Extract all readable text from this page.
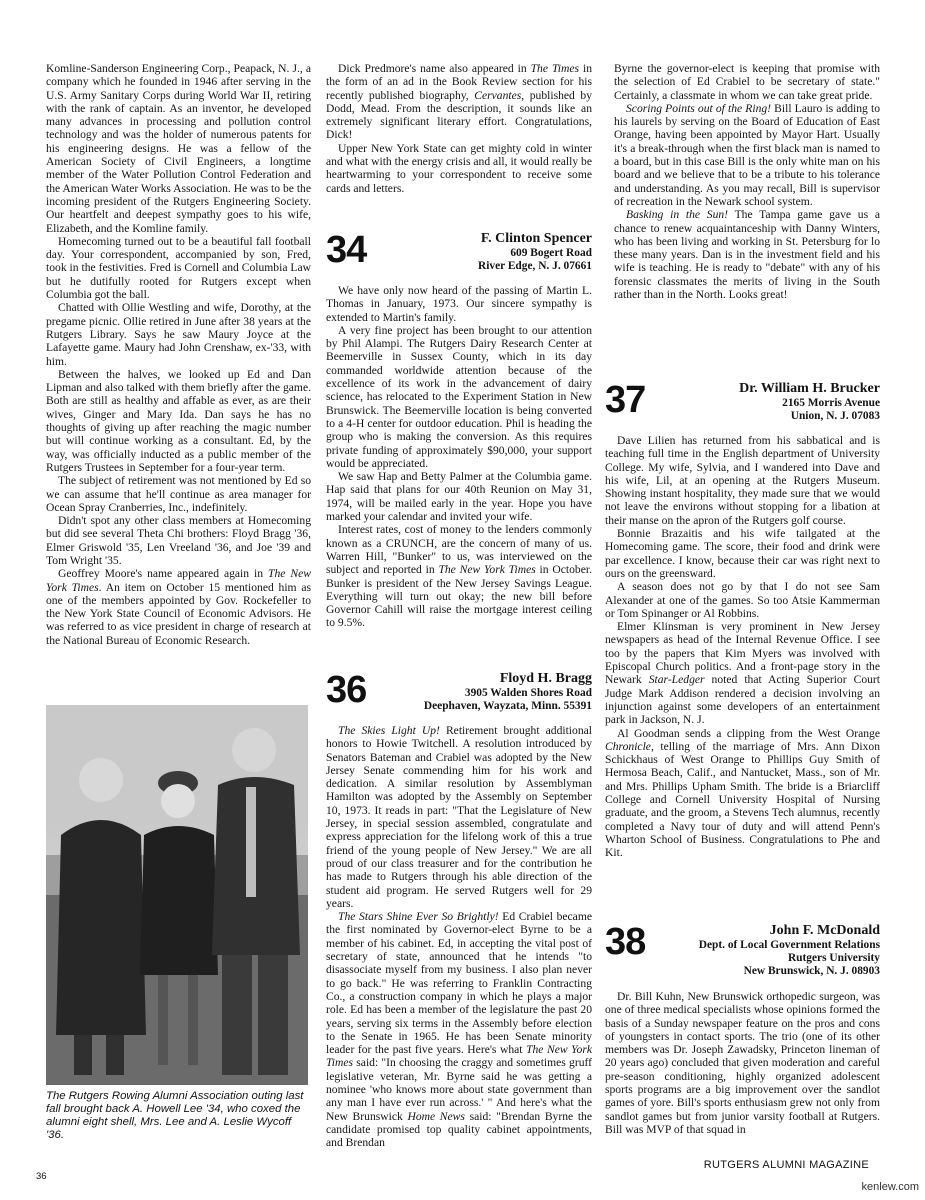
Komline-Sanderson Engineering Corp., Peapack, N. J., a company which he founded in 1946 after serving in the U.S. Army Sanitary Corps during World War II, retiring with the rank of captain. As an inventor, he developed many advances in processing and pollution control technology and was the holder of numerous patents for his engineering designs. He was a fellow of the American Society of Civil Engineers, a longtime member of the Water Pollution Control Federation and the American Water Works Association. He was to be the incoming president of the Rutgers Engineering Society. Our heartfelt and deepest sympathy goes to his wife, Elizabeth, and the Komline family.

Homecoming turned out to be a beautiful fall football day. Your correspondent, accompanied by son, Fred, took in the festivities. Fred is Cornell and Columbia Law but he dutifully rooted for Rutgers except when Columbia got the ball.

Chatted with Ollie Westling and wife, Dorothy, at the pregame picnic. Ollie retired in June after 38 years at the Rutgers Library. Says he saw Maury Joyce at the Lafayette game. Maury had John Crenshaw, ex-'33, with him.

Between the halves, we looked up Ed and Dan Lipman and also talked with them briefly after the game. Both are still as healthy and affable as ever, as are their wives, Ginger and Mary Ida. Dan says he has no thoughts of giving up after reaching the magic number but will continue working as a consultant. Ed, by the way, was officially inducted as a public member of the Rutgers Trustees in September for a four-year term.

The subject of retirement was not mentioned by Ed so we can assume that he'll continue as area manager for Ocean Spray Cranberries, Inc., indefinitely.

Didn't spot any other class members at Homecoming but did see several Theta Chi brothers: Floyd Bragg '36, Elmer Griswold '35, Len Vreeland '36, and Joe '39 and Tom Wright '35.

Geoffrey Moore's name appeared again in The New York Times. An item on October 15 mentioned him as one of the members appointed by Gov. Rockefeller to the New York State Council of Economic Advisors. He was referred to as vice president in charge of research at the National Bureau of Economic Research.

The Rutgers Rowing Alumni Association outing last fall brought back A. Howell Lee '34, who coxed the alumni eight shell, Mrs. Lee and A. Leslie Wycoff '36.

Dick Predmore's name also appeared in The Times in the form of an ad in the Book Review section for his recently published biography, Cervantes, published by Dodd, Mead. From the description, it sounds like an extremely significant literary effort. Congratulations, Dick!

Upper New York State can get mighty cold in winter and what with the energy crisis and all, it would really be heartwarming to your correspondent to receive some cards and letters.

34	F. Clinton Spencer
609 Bogert Road
River Edge, N. J. 07661

We have only now heard of the passing of Martin L. Thomas in January, 1973. Our sincere sympathy is extended to Martin's family.

A very fine project has been brought to our attention by Phil Alampi. The Rutgers Dairy Research Center at Beemerville in Sussex County, which in its day commanded worldwide attention because of the excellence of its work in the advancement of dairy science, has relocated to the Experiment Station in New Brunswick. The Beemerville location is being converted to a 4-H center for outdoor education. Phil is heading the group who is making the conversion. As this requires private funding of approximately $90,000, your support would be appreciated.

We saw Hap and Betty Palmer at the Columbia game. Hap said that plans for our 40th Reunion on May 31, 1974, will be mailed early in the year. Hope you have marked your calendar and invited your wife.

Interest rates, cost of money to the lenders commonly known as a CRUNCH, are the concern of many of us. Warren Hill, "Bunker" to us, was interviewed on the subject and reported in The New York Times in October. Bunker is president of the New Jersey Savings League. Everything will turn out okay; the new bill before Governor Cahill will raise the mortgage interest ceiling to 9.5%.

36	Floyd H. Bragg
3905 Walden Shores Road
Deephaven, Wayzata, Minn. 55391

The Skies Light Up! Retirement brought additional honors to Howie Twitchell. A resolution introduced by Senators Bateman and Crabiel was adopted by the New Jersey Senate commending him for his work and dedication. A similar resolution by Assemblyman Hamilton was adopted by the Assembly on September 10, 1973. It reads in part: "That the Legislature of New Jersey, in special session assembled, congratulate and express appreciation for the lifelong work of this a true friend of the young people of New Jersey." We are all proud of our class treasurer and for the contribution he has made to Rutgers through his able direction of the student aid program. He served Rutgers well for 29 years.

The Stars Shine Ever So Brightly! Ed Crabiel became the first nominated by Governor-elect Byrne to be a member of his cabinet. Ed, in accepting the vital post of secretary of state, announced that he intends "to disassociate myself from my business. I also plan never to go back." He was referring to Franklin Contracting Co., a construction company in which he plays a major role. Ed has been a member of the legislature the past 20 years, serving six terms in the Assembly before election to the Senate in 1965. He has been Senate minority leader for the past five years. Here's what The New York Times said: "In choosing the craggy and sometimes gruff legislative veteran, Mr. Byrne said he was getting a nominee 'who knows more about state government than any man I have ever run across.' " And here's what the New Brunswick Home News said: "Brendan Byrne the candidate promised top quality cabinet appointments, and Brendan

Byrne the governor-elect is keeping that promise with the selection of Ed Crabiel to be secretary of state." Certainly, a classmate in whom we can take great pride.

Scoring Points out of the Ring! Bill Lauro is adding to his laurels by serving on the Board of Education of East Orange, having been appointed by Mayor Hart. Usually it's a break-through when the first black man is named to a board, but in this case Bill is the only white man on his board and we believe that to be a tribute to his tolerance and understanding. As you may recall, Bill is supervisor of recreation in the Newark school system.

Basking in the Sun! The Tampa game gave us a chance to renew acquaintanceship with Danny Winters, who has been living and working in St. Petersburg for lo these many years. Dan is in the investment field and his wife is teaching. He is ready to "debate" with any of his forensic classmates the merits of living in the South rather than in the North. Looks great!

37	Dr. William H. Brucker
2165 Morris Avenue
Union, N. J. 07083

Dave Lilien has returned from his sabbatical and is teaching full time in the English department of University College. My wife, Sylvia, and I wandered into Dave and his wife, Lil, at an opening at the Rutgers Museum. Showing instant hospitality, they made sure that we would not leave the environs without stopping for a libation at their manse on the apron of the Rutgers golf course.

Bonnie Brazaitis and his wife tailgated at the Homecoming game. The score, their food and drink were par excellence. I know, because their car was right next to ours on the greensward.

A season does not go by that I do not see Sam Alexander at one of the games. So too Atsie Kammerman or Tom Spinanger or Al Robbins.

Elmer Klinsman is very prominent in New Jersey newspapers as head of the Internal Revenue Office. I see too by the papers that Kim Myers was involved with Episcopal Church politics. And a front-page story in the Newark Star-Ledger noted that Acting Superior Court Judge Mark Addison rendered a decision involving an injunction against some developers of an entertainment park in Jackson, N. J.

Al Goodman sends a clipping from the West Orange Chronicle, telling of the marriage of Mrs. Ann Dixon Schickhaus of West Orange to Phillips Guy Smith of Hermosa Beach, Calif., and Nantucket, Mass., son of Mr. and Mrs. Phillips Upham Smith. The bride is a Briarcliff College and Cornell University Hospital of Nursing graduate, and the groom, a Stevens Tech alumnus, recently completed a Navy tour of duty and will attend Penn's Wharton School of Business. Congratulations to Phe and Kit.

38	John F. McDonald
Dept. of Local Government Relations
Rutgers University
New Brunswick, N. J. 08903

Dr. Bill Kuhn, New Brunswick orthopedic surgeon, was one of three medical specialists whose opinions formed the basis of a Sunday newspaper feature on the pros and cons of youngsters in contact sports. The trio (one of its other members was Dr. Joseph Zawadsky, Princeton lineman of 20 years ago) concluded that given moderation and careful pre-season conditioning, highly organized adolescent sports programs are a big improvement over the sandlot games of yore. Bill's sports enthusiasm grew not only from sandlot games but from junior varsity football at Rutgers. Bill was MVP of that squad in

36
RUTGERS ALUMNI MAGAZINE
kenlew.com
